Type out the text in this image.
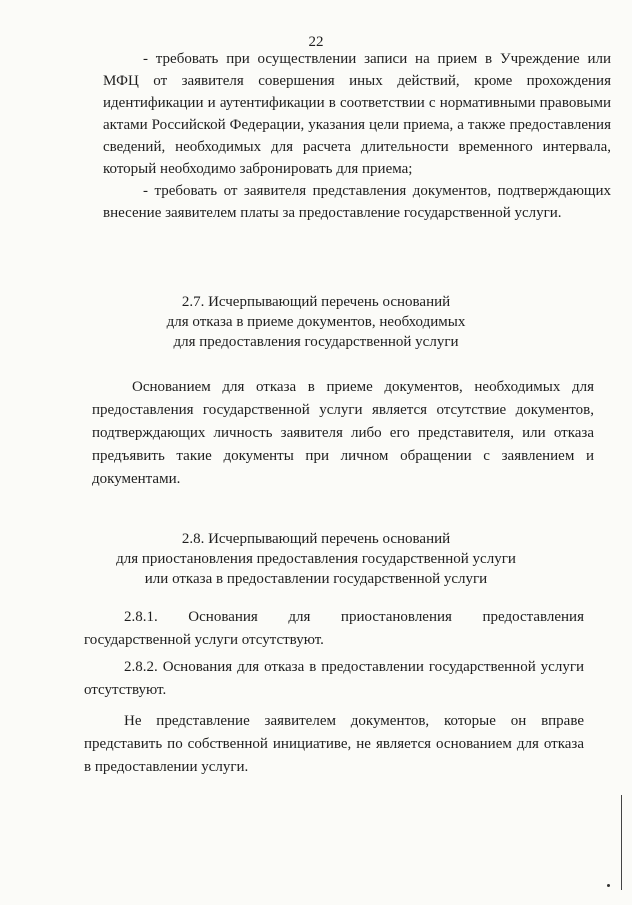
22

- требовать при осуществлении записи на прием в Учреждение или МФЦ от заявителя совершения иных действий, кроме прохождения идентификации и аутентификации в соответствии с нормативными правовыми актами Российской Федерации, указания цели приема, а также предоставления сведений, необходимых для расчета длительности временного интервала, который необходимо забронировать для приема;

- требовать от заявителя представления документов, подтверждающих внесение заявителем платы за предоставление государственной услуги.

2.7. Исчерпывающий перечень оснований
для отказа в приеме документов, необходимых
для предоставления государственной услуги

Основанием для отказа в приеме документов, необходимых для предоставления государственной услуги является отсутствие документов, подтверждающих личность заявителя либо его представителя, или отказа предъявить такие документы при личном обращении с заявлением и документами.

2.8. Исчерпывающий перечень оснований
для приостановления предоставления государственной услуги
или отказа в предоставлении государственной услуги

2.8.1. Основания для приостановления предоставления государственной услуги отсутствуют.

2.8.2. Основания для отказа в предоставлении государственной услуги отсутствуют.

Не представление заявителем документов, которые он вправе представить по собственной инициативе, не является основанием для отказа в предоставлении услуги.
